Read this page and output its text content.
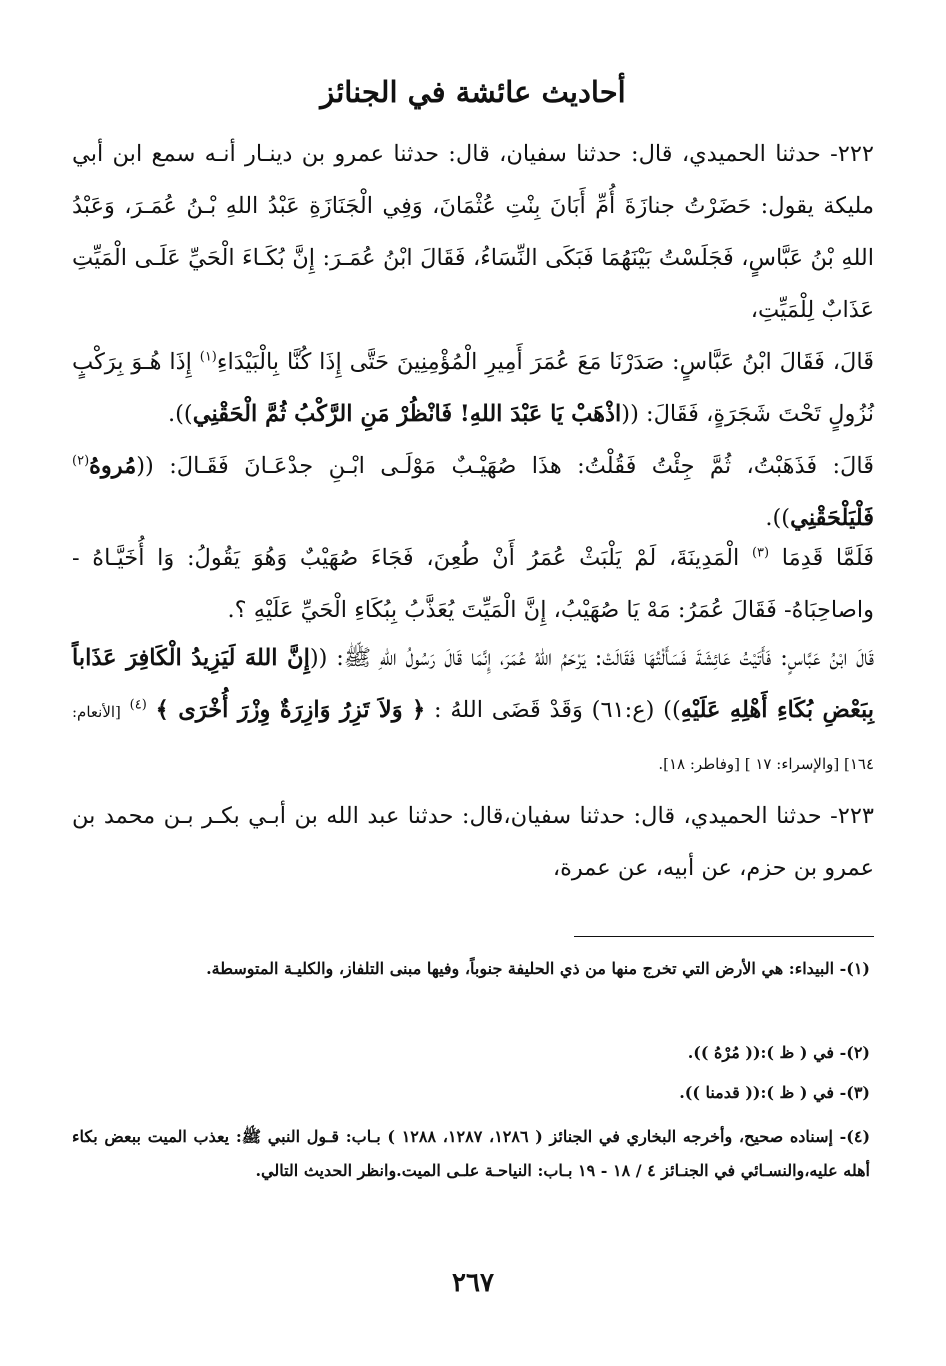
أحاديث عائشة في الجنائز
٢٢٢- حدثنا الحميدي، قال: حدثنا سفيان، قال: حدثنا عمرو بن دينـار أنـه سمع ابن أبي مليكة يقول: حَضَرْتُ جنازَةَ أُمِّ أَبَانَ بِنْتِ عُثْمَانَ، وَفِي الْجَنَازَةِ عَبْدُ اللهِ بْـنُ عُمَـرَ، وَعَبْدُ اللهِ بْنُ عَبَّاسٍ، فَجَلَسْتُ بَيْنَهُمَا فَبَكَى النِّسَاءُ، فَقَالَ ابْنُ عُمَـرَ: إِنَّ بُكَـاءَ الْحَيِّ عَلَـى الْمَيِّتِ عَذَابٌ لِلْمَيِّتِ،
قَالَ، فَقَالَ ابْنُ عَبَّاسٍ: صَدَرْنَا مَعَ عُمَرَ أَمِيرِ الْمُؤْمِنِينَ حَتَّى إِذَا كُنَّا بِالْبَيْدَاءِ$^{(١)}$ إِذَا هُـوَ بِرَكْبٍ نُزُولٍ تَحْتَ شَجَرَةٍ، فَقَالَ: ((اذْهَبْ يَا عَبْدَ اللهِ! فَانْظُرْ مَنِ الرَّكْبُ ثُمَّ الْحَقْنِي)).
قَالَ: فَذَهَبْتُ، ثُمَّ جِئْتُ فَقُلْتُ: هذَا صُهَيْـبٌ مَوْلَـى ابْـنِ جدْعَـانَ فَقَـالَ: ((مُروهُ$^{(٢)}$ فَلْيَلْحَقْنِي)).
فَلَمَّا قَدِمَا $^{(٣)}$ الْمَدِينَةَ، لَمْ يَلْبَثْ عُمَرُ أَنْ طُعِنَ، فَجَاءَ صُهَيْبٌ وَهُوَ يَقُولُ: وَا أُخَيَّـاهُ - واصاحِبَاهُ- فَقَالَ عُمَرُ: مَهْ يَا صُهَيْبُ، إِنَّ الْمَيِّتَ يُعَذَّبُ بِبُكَاءِ الْحَيِّ عَلَيْهِ ؟.
قَالَ ابْنُ عَبَّاسٍ: فَأَتَيْتُ عَائِشَةَ فَسَأَلْتُهَا فَقَالَتْ: يَرْحَمُ اللهُ عُمَرَ، إِنَّمَا قَالَ رَسُولُ اللهِ ﷺ: ((إِنَّ اللهَ لَيَزِيدُ الْكَافِرَ عَذَاباً بِبَعْضِ بُكَاءِ أَهْلِهِ عَلَيْهِ)) (ع:٦١) وَقَدْ قَضَى اللهُ : ﴿ وَلاَ تَزِرُ وَازِرَةٌ وِزْرَ أُخْرَى ﴾ $^{(٤)}$ [الأنعام: ١٦٤] [والإسراء: ١٧ ] [وفاطر: ١٨].
٢٢٣- حدثنا الحميدي، قال: حدثنا سفيان،قال: حدثنا عبد الله بن أبـي بكـر بـن محمد بن عمرو بن حزم، عن أبيه، عن عمرة،
(١)- البيداء: هي الأرض التي تخرج منها من ذي الحليفة جنوباً، وفيها مبنى التلفاز، والكليـة المتوسطة.
(٢)- في ( ظ ):(( مُرْهُ )).
(٣)- في ( ظ ):(( قدمنا )).
(٤)- إسناده صحيح، وأخرجه البخاري في الجنائز ( ١٢٨٦، ١٢٨٧، ١٢٨٨ ) بـاب: قـول النبي ﷺ: يعذب الميت ببعض بكاء أهله عليه،والنسـائي في الجنـائز ٤ / ١٨ - ١٩ بـاب: النياحـة علـى الميت.وانظر الحديث التالي.
٢٦٧
